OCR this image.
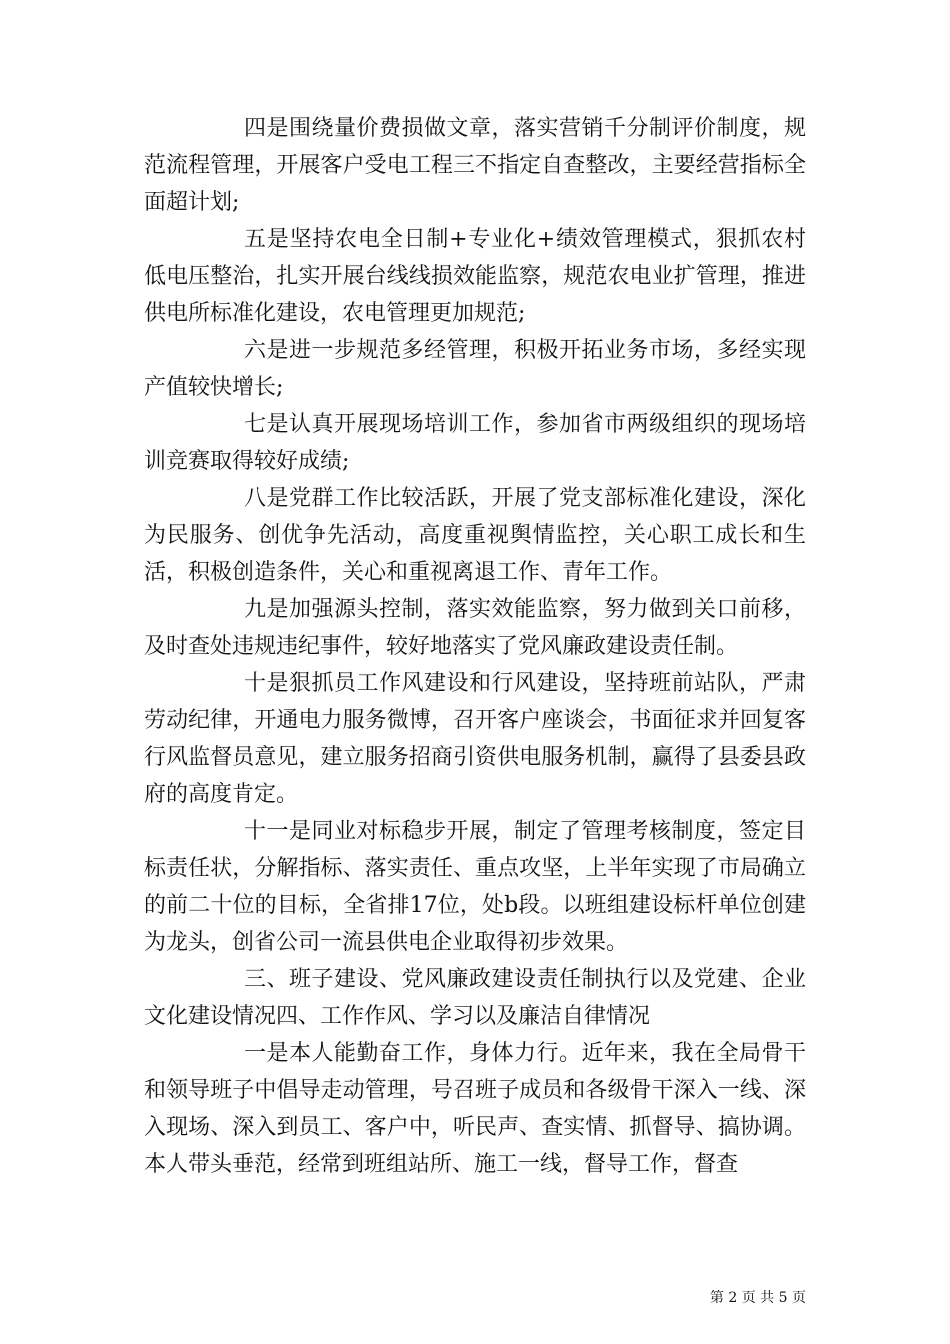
四是围绕量价费损做文章，落实营销千分制评价制度，规范流程管理，开展客户受电工程三不指定自查整改，主要经营指标全面超计划;

五是坚持农电全日制+专业化+绩效管理模式，狠抓农村低电压整治，扎实开展台线线损效能监察，规范农电业扩管理，推进供电所标准化建设，农电管理更加规范;

六是进一步规范多经管理，积极开拓业务市场，多经实现产值较快增长;

七是认真开展现场培训工作，参加省市两级组织的现场培训竞赛取得较好成绩;

八是党群工作比较活跃，开展了党支部标准化建设，深化为民服务、创优争先活动，高度重视舆情监控，关心职工成长和生活，积极创造条件，关心和重视离退工作、青年工作。

九是加强源头控制，落实效能监察，努力做到关口前移，及时查处违规违纪事件，较好地落实了党风廉政建设责任制。

十是狠抓员工作风建设和行风建设，坚持班前站队，严肃劳动纪律，开通电力服务微博，召开客户座谈会，书面征求并回复客行风监督员意见，建立服务招商引资供电服务机制，赢得了县委县政府的高度肯定。

十一是同业对标稳步开展，制定了管理考核制度，签定目标责任状，分解指标、落实责任、重点攻坚，上半年实现了市局确立的前二十位的目标，全省排17位，处b段。以班组建设标杆单位创建为龙头，创省公司一流县供电企业取得初步效果。

三、班子建设、党风廉政建设责任制执行以及党建、企业文化建设情况四、工作作风、学习以及廉洁自律情况

一是本人能勤奋工作，身体力行。近年来，我在全局骨干和领导班子中倡导走动管理，号召班子成员和各级骨干深入一线、深入现场、深入到员工、客户中，听民声、查实情、抓督导、搞协调。本人带头垂范，经常到班组站所、施工一线，督导工作，督查

第 2 页 共 5 页
